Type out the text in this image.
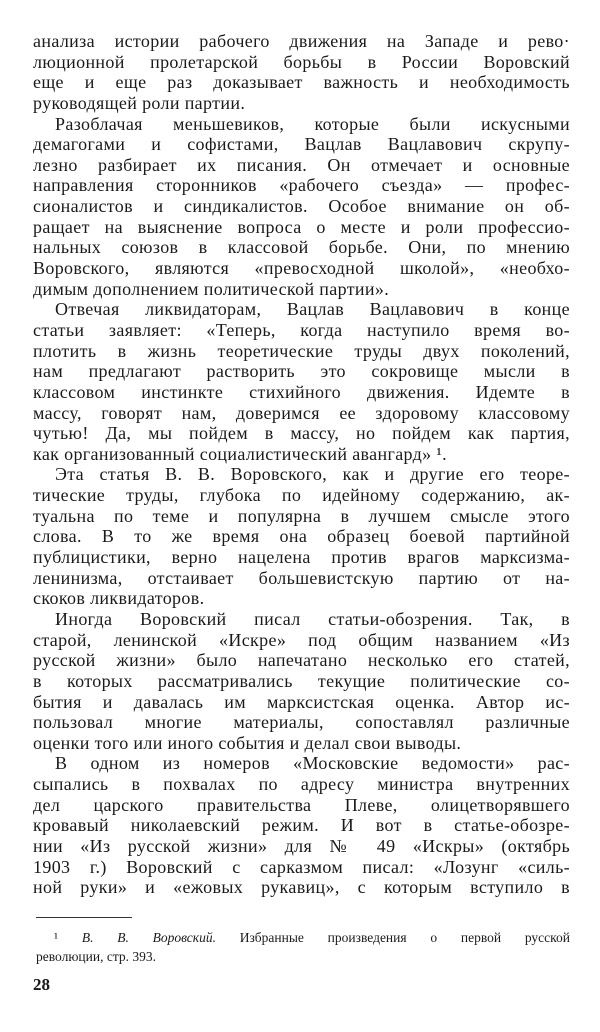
анализа истории рабочего движения на Западе и рево·
люционной пролетарской борьбы в России Воровский
еще и еще раз доказывает важность и необходимость
руководящей роли партии.
Разоблачая меньшевиков, которые были искусными
демагогами и софистами, Вацлав Вацлавович скрупу-
лезно разбирает их писания. Он отмечает и основные
направления сторонников «рабочего съезда» — профес-
сионалистов и синдикалистов. Особое внимание он об-
ращает на выяснение вопроса о месте и роли профессио-
нальных союзов в классовой борьбе. Они, по мнению
Воровского, являются «превосходной школой», «необхо-
димым дополнением политической партии».
Отвечая ликвидаторам, Вацлав Вацлавович в конце
статьи заявляет: «Теперь, когда наступило время во-
плотить в жизнь теоретические труды двух поколений,
нам предлагают растворить это сокровище мысли в
классовом инстинкте стихийного движения. Идемте в
массу, говорят нам, доверимся ее здоровому классовому
чутью! Да, мы пойдем в массу, но пойдем как партия,
как организованный социалистический авангард» ¹.
Эта статья В. В. Воровского, как и другие его теоре-
тические труды, глубока по идейному содержанию, ак-
туальна по теме и популярна в лучшем смысле этого
слова. В то же время она образец боевой партийной
публицистики, верно нацелена против врагов марксизма-
ленинизма, отстаивает большевистскую партию от на-
скоков ликвидаторов.
Иногда Воровский писал статьи-обозрения. Так, в
старой, ленинской «Искре» под общим названием «Из
русской жизни» было напечатано несколько его статей,
в которых рассматривались текущие политические со-
бытия и давалась им марксистская оценка. Автор ис-
пользовал многие материалы, сопоставлял различные
оценки того или иного события и делал свои выводы.
В одном из номеров «Московские ведомости» рас-
сыпались в похвалах по адресу министра внутренних
дел царского правительства Плеве, олицетворявшего
кровавый николаевский режим. И вот в статье-обозре-
нии «Из русской жизни» для № 49 «Искры» (октябрь
1903 г.) Воровский с сарказмом писал: «Лозунг «силь-
ной руки» и «ежовых рукавиц», с которым вступило в
¹ В. В. Воровский. Избранные произведения о первой русской
революции, стр. 393.
28
